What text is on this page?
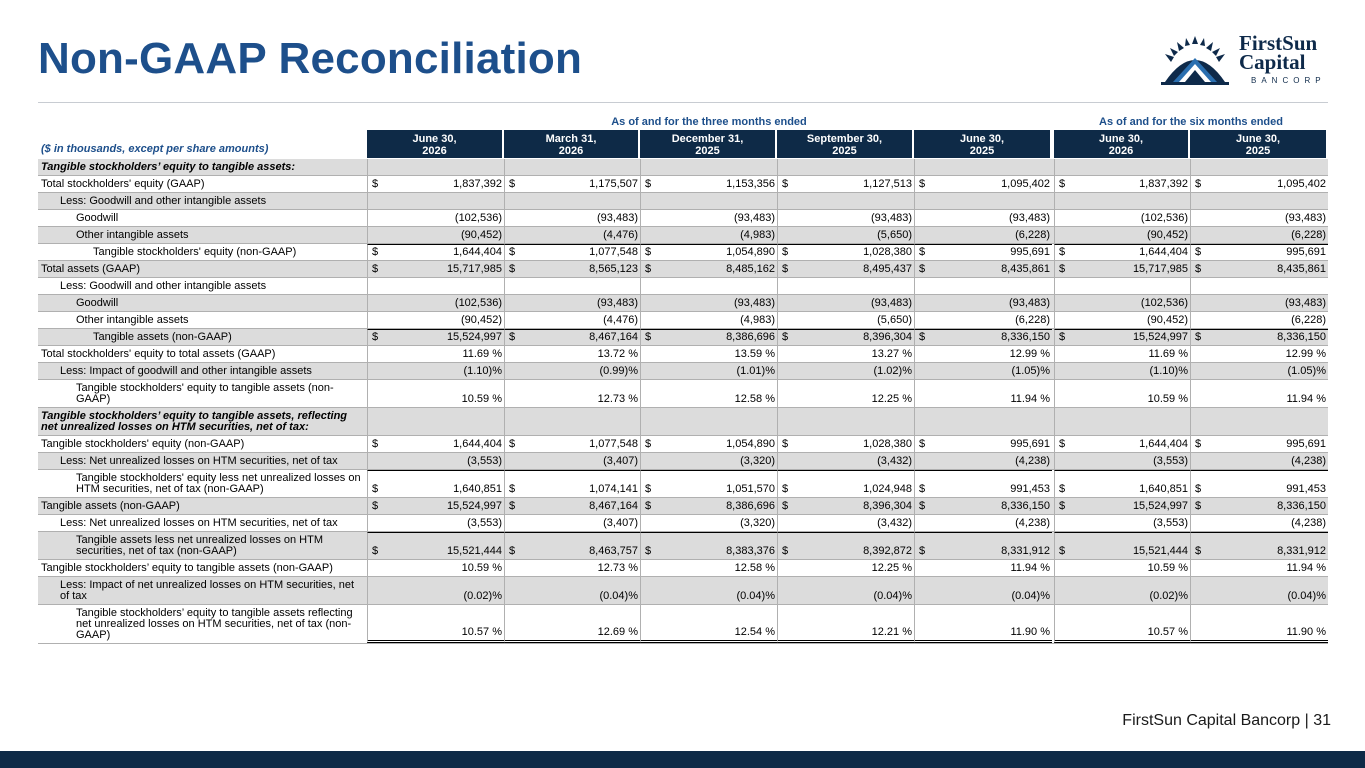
Non-GAAP Reconciliation	FirstSun
Capital
BANCORP
As of and for the three months ended	As of and for the six months ended
($ in thousands, except per share amounts)
June 30,
2026
March 31,
2026
December 31,
2025
September 30,
2025
June 30,
2025
June 30,
2026
June 30,
2025
Tangible stockholders’ equity to tangible assets:
Total stockholders' equity (GAAP)	$	1,837,392 $	1,175,507 $	1,153,356 $	1,127,513 $	1,095,402 $	1,837,392 $	1,095,402
Less: Goodwill and other intangible assets
Goodwill	(102,536)	(93,483)	(93,483)	(93,483)	(93,483)	(102,536)	(93,483)
Other intangible assets	(90,452)	(4,476)	(4,983)	(5,650)	(6,228)	(90,452)	(6,228)
Tangible stockholders' equity (non-GAAP)	$	1,644,404 $	1,077,548 $	1,054,890 $	1,028,380 $	995,691 $	1,644,404 $	995,691
Total assets (GAAP)	$	15,717,985 $	8,565,123 $	8,485,162 $	8,495,437 $	8,435,861 $	15,717,985 $	8,435,861
Less: Goodwill and other intangible assets
Goodwill	(102,536)	(93,483)	(93,483)	(93,483)	(93,483)	(102,536)	(93,483)
Other intangible assets	(90,452)	(4,476)	(4,983)	(5,650)	(6,228)	(90,452)	(6,228)
Tangible assets (non-GAAP)	$	15,524,997 $	8,467,164 $	8,386,696 $	8,396,304 $	8,336,150 $	15,524,997 $	8,336,150
Total stockholders' equity to total assets (GAAP)	11.69 %	13.72 %	13.59 %	13.27 %	12.99 %	11.69 %	12.99 %
Less: Impact of goodwill and other intangible assets	(1.10)%	(0.99)%	(1.01)%	(1.02)%	(1.05)%	(1.10)%	(1.05)%
Tangible stockholders' equity to tangible assets (non-GAAP)	10.59 %	12.73 %	12.58 %	12.25 %	11.94 %	10.59 %	11.94 %
Tangible stockholders’ equity to tangible assets, reflecting net unrealized losses on HTM securities, net of tax:
Tangible stockholders' equity (non-GAAP)	$	1,644,404 $	1,077,548 $	1,054,890 $	1,028,380 $	995,691 $	1,644,404 $	995,691
Less: Net unrealized losses on HTM securities, net of tax	(3,553)	(3,407)	(3,320)	(3,432)	(4,238)	(3,553)	(4,238)
Tangible stockholders' equity less net unrealized losses on HTM securities, net of tax (non-GAAP)	$	1,640,851 $	1,074,141 $	1,051,570 $	1,024,948 $	991,453 $	1,640,851 $	991,453
Tangible assets (non-GAAP)	$	15,524,997 $	8,467,164 $	8,386,696 $	8,396,304 $	8,336,150 $	15,524,997 $	8,336,150
Less: Net unrealized losses on HTM securities, net of tax	(3,553)	(3,407)	(3,320)	(3,432)	(4,238)	(3,553)	(4,238)
Tangible assets less net unrealized losses on HTM securities, net of tax (non-GAAP)	$	15,521,444 $	8,463,757 $	8,383,376 $	8,392,872 $	8,331,912 $	15,521,444 $	8,331,912
Tangible stockholders’ equity to tangible assets (non-GAAP)	10.59 %	12.73 %	12.58 %	12.25 %	11.94 %	10.59 %	11.94 %
Less: Impact of net unrealized losses on HTM securities, net of tax	(0.02)%	(0.04)%	(0.04)%	(0.04)%	(0.04)%	(0.02)%	(0.04)%
Tangible stockholders’ equity to tangible assets reflecting net unrealized losses on HTM securities, net of tax (non-GAAP)	10.57 %	12.69 %	12.54 %	12.21 %	11.90 %	10.57 %	11.90 %
FirstSun Capital Bancorp | 31
